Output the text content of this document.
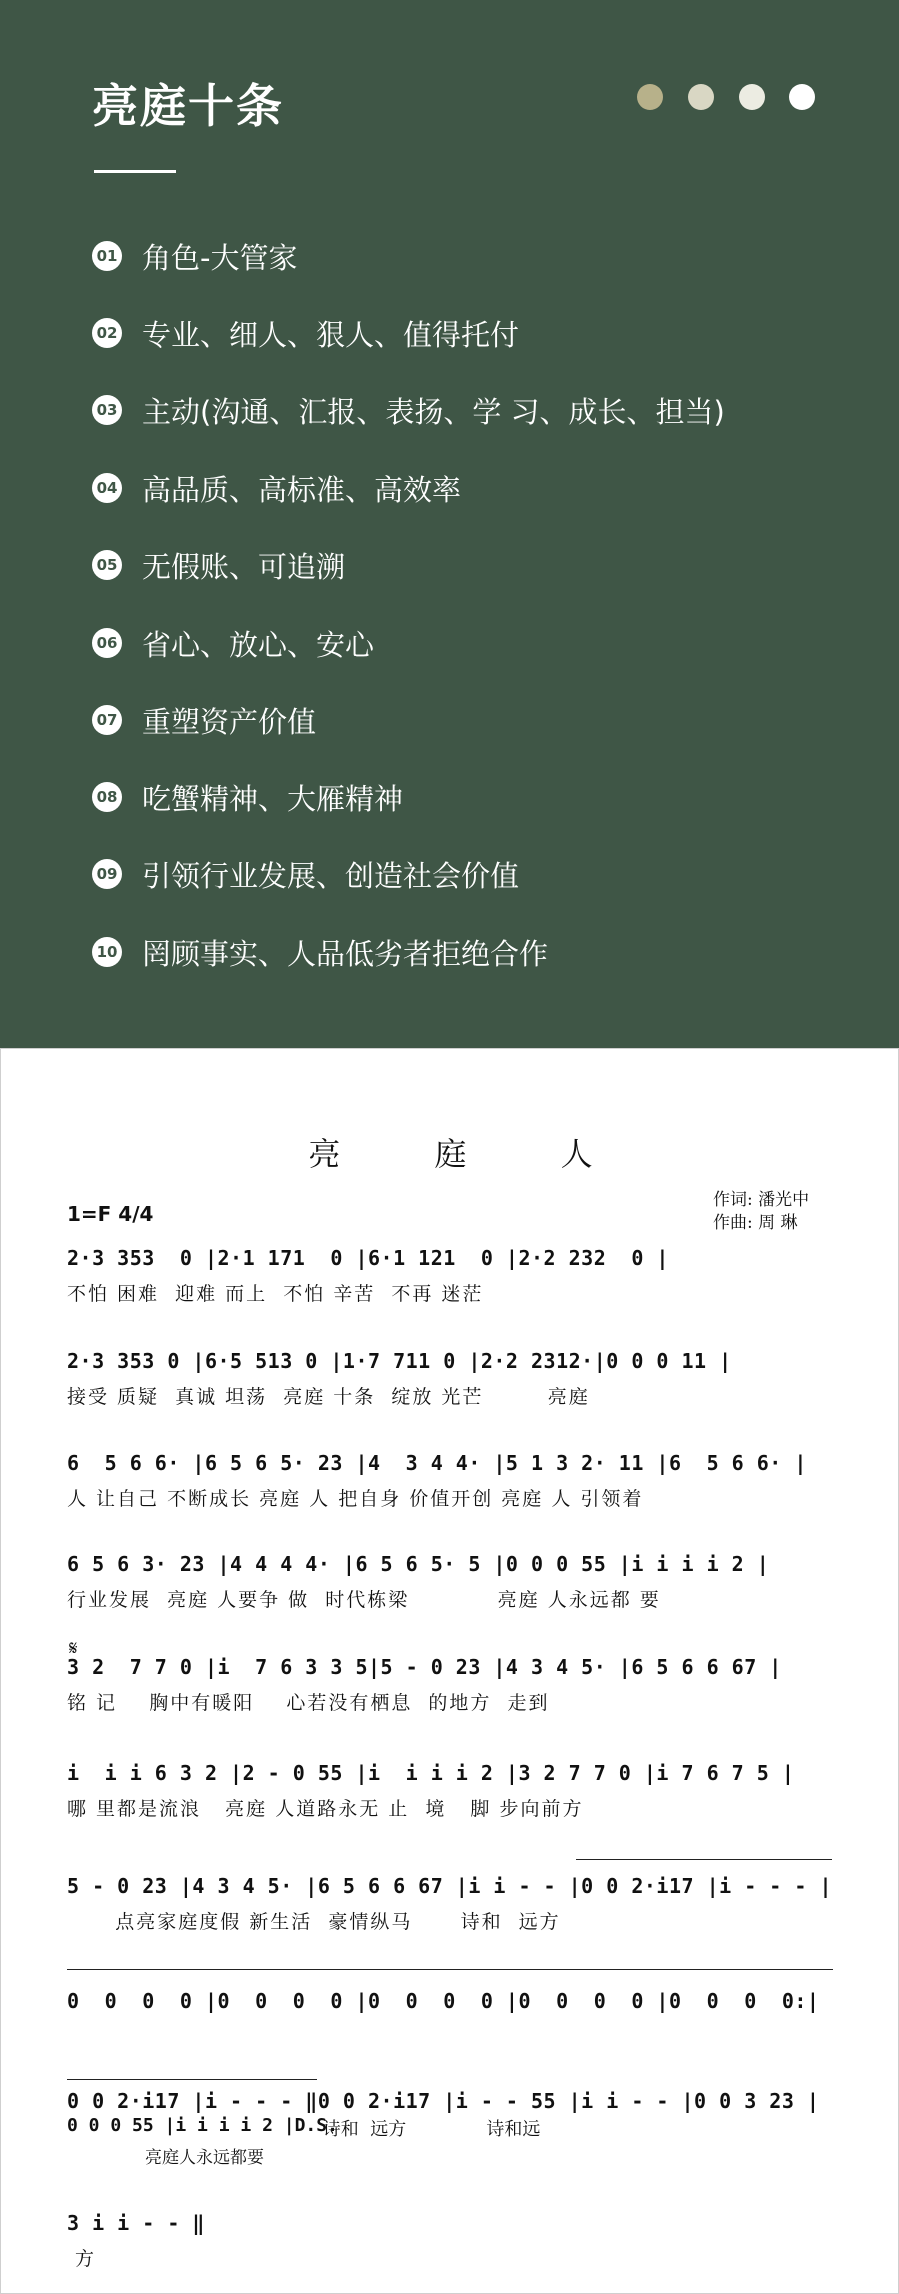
亮庭十条
01 角色-大管家
02 专业、细人、狠人、值得托付
03 主动(沟通、汇报、表扬、学 习、成长、担当)
04 高品质、高标准、高效率
05 无假账、可追溯
06 省心、放心、安心
07 重塑资产价值
08 吃蟹精神、大雁精神
09 引领行业发展、创造社会价值
10 罔顾事实、人品低劣者拒绝合作
亮 庭 人
1=F 4/4
作词: 潘光中
作曲: 周 琳
2·3 353  0 |2·1 171  0 |6·1 121  0 |2·2 232  0 |
不怕 困难  迎难 而上  不怕 辛苦  不再 迷茫
2·3 353 0 |6·5 513 0 |1·7 711 0 |2·2 2312·|0 0 0 11 |
接受 质疑  真诚 坦荡  亮庭 十条  绽放 光芒        亮庭
6  5 6 6· |6 5 6 5· 23 |4  3 4 4· |5 1 3 2· 11 |6  5 6 6· |
人 让自己 不断成长 亮庭 人 把自身 价值开创 亮庭 人 引领着
6 5 6 3· 23 |4 4 4 4· |6 5 6 5· 5 |0 0 0 55 |i i i i 2 |
行业发展  亮庭 人要争 做  时代栋梁           亮庭 人永远都 要
𝄋
3 2  7 7 0 |i  7 6 3 3 5|5 - 0 23 |4 3 4 5· |6 5 6 6 67 |
铭 记    胸中有暖阳    心若没有栖息  的地方  走到
i  i i 6 3 2 |2 - 0 55 |i  i i i 2 |3 2 7 7 0 |i 7 6 7 5 |
哪 里都是流浪   亮庭 人道路永无 止  境   脚 步向前方
5 - 0 23 |4 3 4 5· |6 5 6 6 67 |i i - - |0 0 2·i17 |i - - - |
点亮家庭度假 新生活  豪情纵马      诗和  远方
0  0  0  0 |0  0  0  0 |0  0  0  0 |0  0  0  0 |0  0  0  0:|
0 0 2·i17 |i - - - ‖0 0 2·i17 |i - - 55 |i i - - |0 0 3 23 |
0 0 0 55 |i i i i 2 |D.S.
亮庭人永远都要
诗和  远方              诗和远
3 i i - - ‖
方
